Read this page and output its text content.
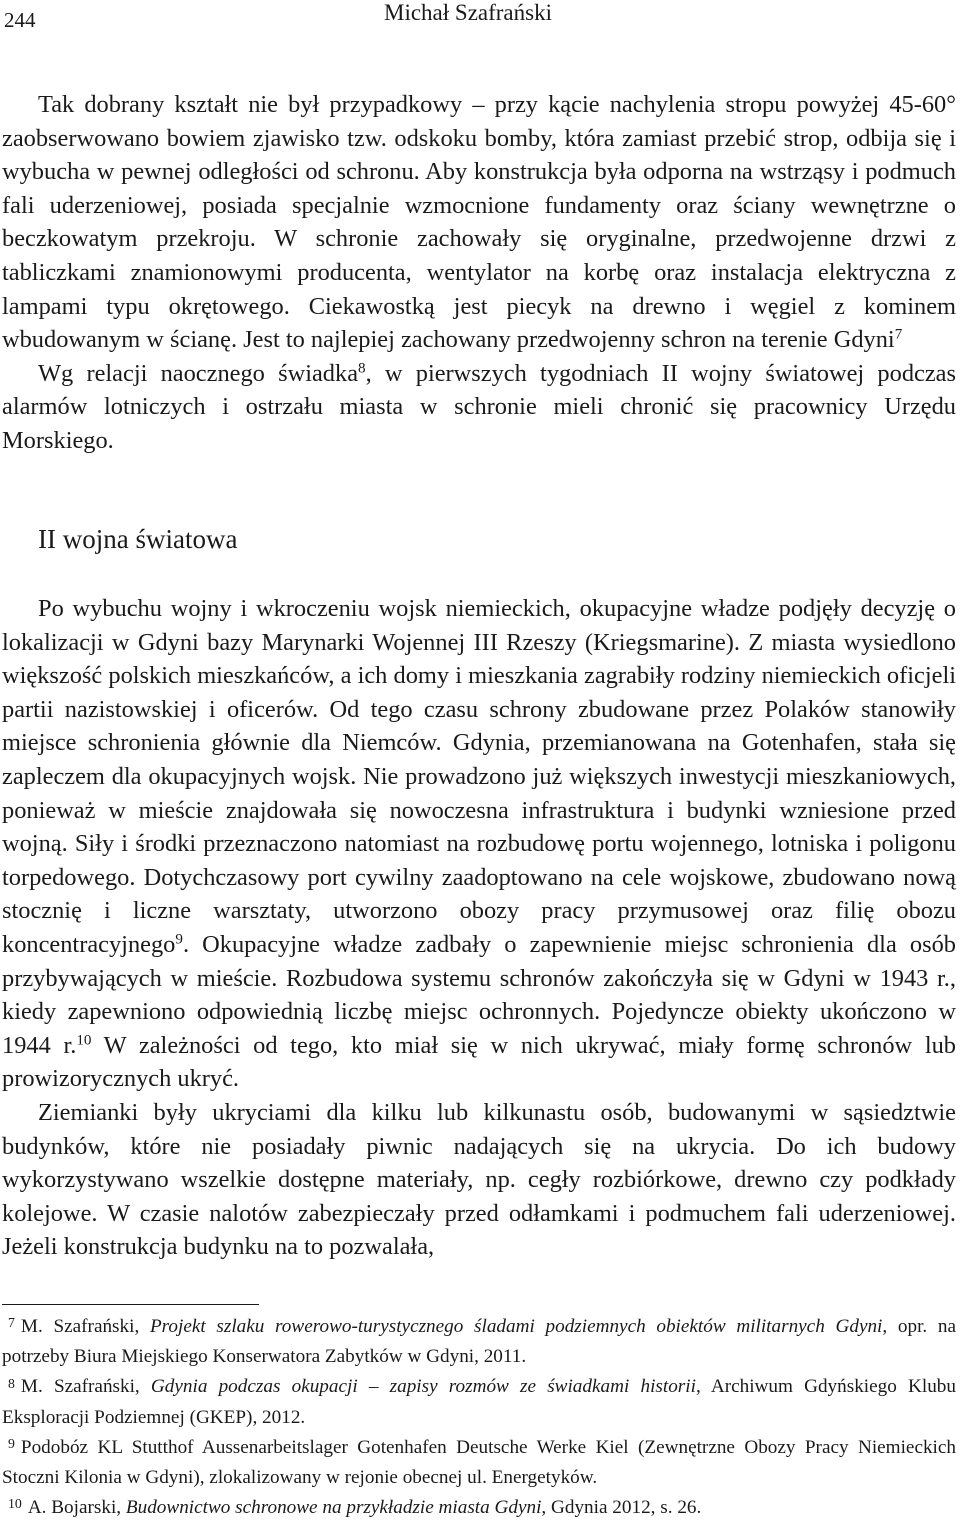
244	Michał Szafrański

Tak dobrany kształt nie był przypadkowy – przy kącie nachylenia stropu powyżej 45-60° zaobserwowano bowiem zjawisko tzw. odskoku bomby, która zamiast przebić strop, odbija się i wybucha w pewnej odległości od schronu. Aby konstrukcja była odporna na wstrząsy i podmuch fali uderzeniowej, posiada specjalnie wzmocnione fundamenty oraz ściany wewnętrzne o beczkowatym przekroju. W schronie zachowały się oryginalne, przedwojenne drzwi z tabliczkami znamionowymi producenta, wentylator na korbę oraz instalacja elektryczna z lampami typu okrętowego. Ciekawostką jest piecyk na drewno i węgiel z kominem wbudowanym w ścianę. Jest to najlepiej zachowany przedwojenny schron na terenie Gdyni$^7$

Wg relacji naocznego świadka$^8$, w pierwszych tygodniach II wojny światowej podczas alarmów lotniczych i ostrzału miasta w schronie mieli chronić się pracownicy Urzędu Morskiego.

II wojna światowa

Po wybuchu wojny i wkroczeniu wojsk niemieckich, okupacyjne władze podjęły decyzję o lokalizacji w Gdyni bazy Marynarki Wojennej III Rzeszy (Kriegsmarine). Z miasta wysiedlono większość polskich mieszkańców, a ich domy i mieszkania zagrabiły rodziny niemieckich oficjeli partii nazistowskiej i oficerów. Od tego czasu schrony zbudowane przez Polaków stanowiły miejsce schronienia głównie dla Niemców. Gdynia, przemianowana na Gotenhafen, stała się zapleczem dla okupacyjnych wojsk. Nie prowadzono już większych inwestycji mieszkaniowych, ponieważ w mieście znajdowała się nowoczesna infrastruktura i budynki wzniesione przed wojną. Siły i środki przeznaczono natomiast na rozbudowę portu wojennego, lotniska i poligonu torpedowego. Dotychczasowy port cywilny zaadoptowano na cele wojskowe, zbudowano nową stocznię i liczne warsztaty, utworzono obozy pracy przymusowej oraz filię obozu koncentracyjnego$^9$. Okupacyjne władze zadbały o zapewnienie miejsc schronienia dla osób przybywających w mieście. Rozbudowa systemu schronów zakończyła się w Gdyni w 1943 r., kiedy zapewniono odpowiednią liczbę miejsc ochronnych. Pojedyncze obiekty ukończono w 1944 r.$^{10}$ W zależności od tego, kto miał się w nich ukrywać, miały formę schronów lub prowizorycznych ukryć.

Ziemianki były ukryciami dla kilku lub kilkunastu osób, budowanymi w sąsiedztwie budynków, które nie posiadały piwnic nadających się na ukrycia. Do ich budowy wykorzystywano wszelkie dostępne materiały, np. cegły rozbiórkowe, drewno czy podkłady kolejowe. W czasie nalotów zabezpieczały przed odłamkami i podmuchem fali uderzeniowej. Jeżeli konstrukcja budynku na to pozwalała,

$^7$ M. Szafrański, Projekt szlaku rowerowo-turystycznego śladami podziemnych obiektów militarnych Gdyni, opr. na potrzeby Biura Miejskiego Konserwatora Zabytków w Gdyni, 2011.

$^8$ M. Szafrański, Gdynia podczas okupacji – zapisy rozmów ze świadkami historii, Archiwum Gdyńskiego Klubu Eksploracji Podziemnej (GKEP), 2012.

$^9$ Podobóz KL Stutthof Aussenarbeitslager Gotenhafen Deutsche Werke Kiel (Zewnętrzne Obozy Pracy Niemieckich Stoczni Kilonia w Gdyni), zlokalizowany w rejonie obecnej ul. Energetyków.

$^{10}$ A. Bojarski, Budownictwo schronowe na przykładzie miasta Gdyni, Gdynia 2012, s. 26.
